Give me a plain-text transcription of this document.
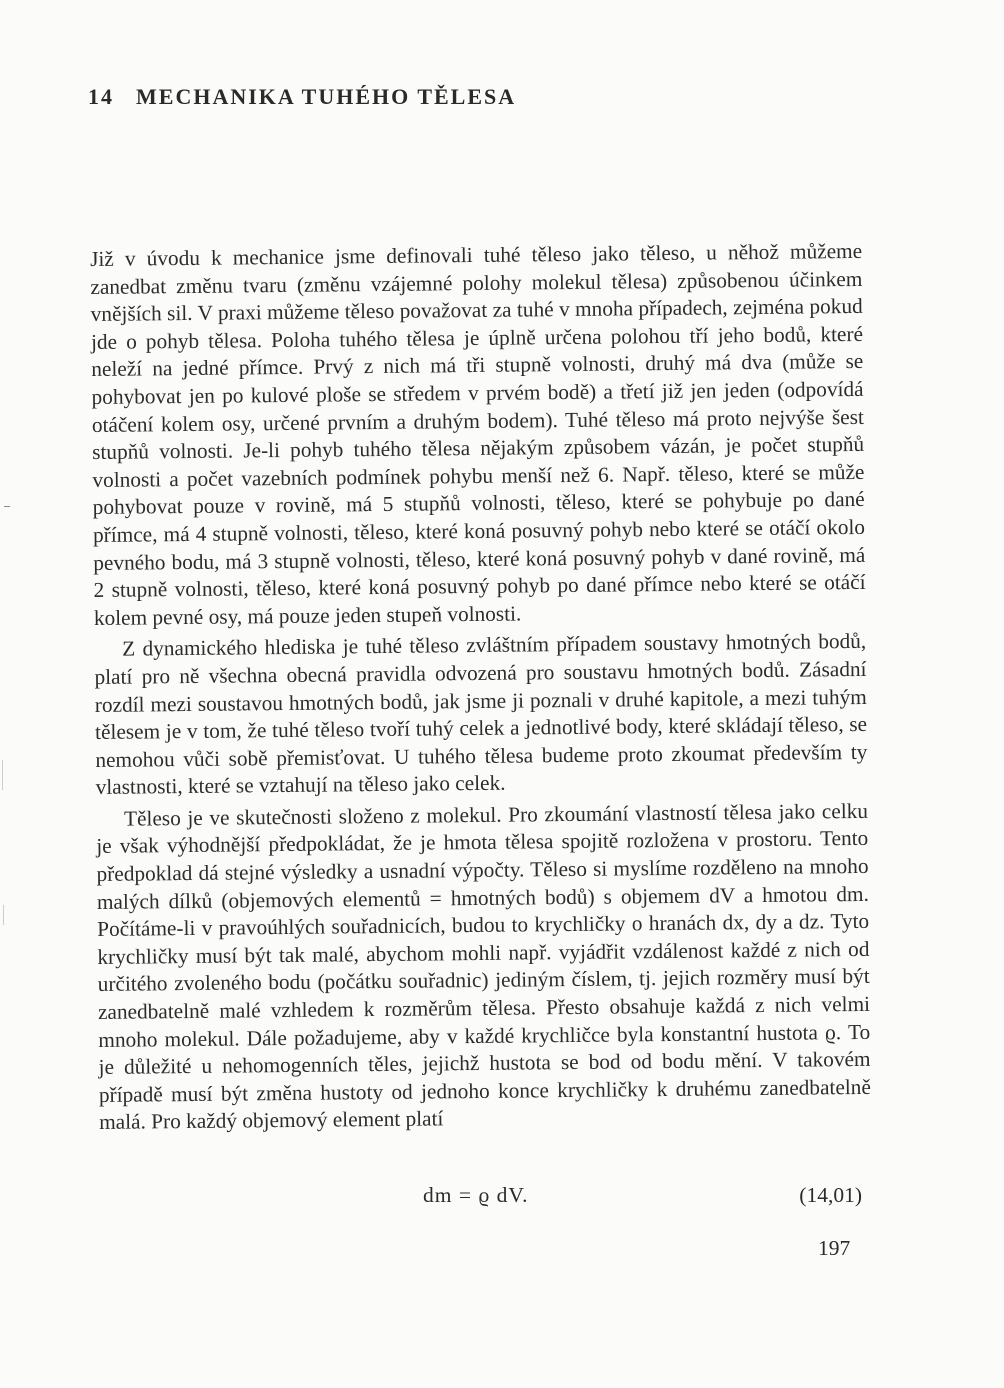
14 MECHANIKA TUHÉHO TĚLESA

Již v úvodu k mechanice jsme definovali tuhé těleso jako těleso, u něhož můžeme zanedbat změnu tvaru (změnu vzájemné polohy molekul tělesa) způsobenou účinkem vnějších sil. V praxi můžeme těleso považovat za tuhé v mnoha případech, zejména pokud jde o pohyb tělesa. Poloha tuhého tělesa je úplně určena polohou tří jeho bodů, které neleží na jedné přímce. Prvý z nich má tři stupně volnosti, druhý má dva (může se pohybovat jen po kulové ploše se středem v prvém bodě) a třetí již jen jeden (odpovídá otáčení kolem osy, určené prvním a druhým bodem). Tuhé těleso má proto nejvýše šest stupňů volnosti. Je-li pohyb tuhého tělesa nějakým způsobem vázán, je počet stupňů volnosti a počet vazebních podmínek pohybu menší než 6. Např. těleso, které se může pohybovat pouze v rovině, má 5 stupňů volnosti, těleso, které se pohybuje po dané přímce, má 4 stupně volnosti, těleso, které koná posuvný pohyb nebo které se otáčí okolo pevného bodu, má 3 stupně volnosti, těleso, které koná posuvný pohyb v dané rovině, má 2 stupně volnosti, těleso, které koná posuvný pohyb po dané přímce nebo které se otáčí kolem pevné osy, má pouze jeden stupeň volnosti.

Z dynamického hlediska je tuhé těleso zvláštním případem soustavy hmotných bodů, platí pro ně všechna obecná pravidla odvozená pro soustavu hmotných bodů. Zásadní rozdíl mezi soustavou hmotných bodů, jak jsme ji poznali v druhé kapitole, a mezi tuhým tělesem je v tom, že tuhé těleso tvoří tuhý celek a jednotlivé body, které skládají těleso, se nemohou vůči sobě přemisťovat. U tuhého tělesa budeme proto zkoumat především ty vlastnosti, které se vztahují na těleso jako celek.

Těleso je ve skutečnosti složeno z molekul. Pro zkoumání vlastností tělesa jako celku je však výhodnější předpokládat, že je hmota tělesa spojitě rozložena v prostoru. Tento předpoklad dá stejné výsledky a usnadní výpočty. Těleso si myslíme rozděleno na mnoho malých dílků (objemových elementů = hmotných bodů) s objemem dV a hmotou dm. Počítáme-li v pravoúhlých souřadnicích, budou to krychličky o hranách dx, dy a dz. Tyto krychličky musí být tak malé, abychom mohli např. vyjádřit vzdálenost každé z nich od určitého zvoleného bodu (počátku souřadnic) jediným číslem, tj. jejich rozměry musí být zanedbatelně malé vzhledem k rozměrům tělesa. Přesto obsahuje každá z nich velmi mnoho molekul. Dále požadujeme, aby v každé krychličce byla konstantní hustota ϱ. To je důležité u nehomogenních těles, jejichž hustota se bod od bodu mění. V takovém případě musí být změna hustoty od jednoho konce krychličky k druhému zanedbatelně malá. Pro každý objemový element platí

dm = ϱ dV.	(14,01)
197
